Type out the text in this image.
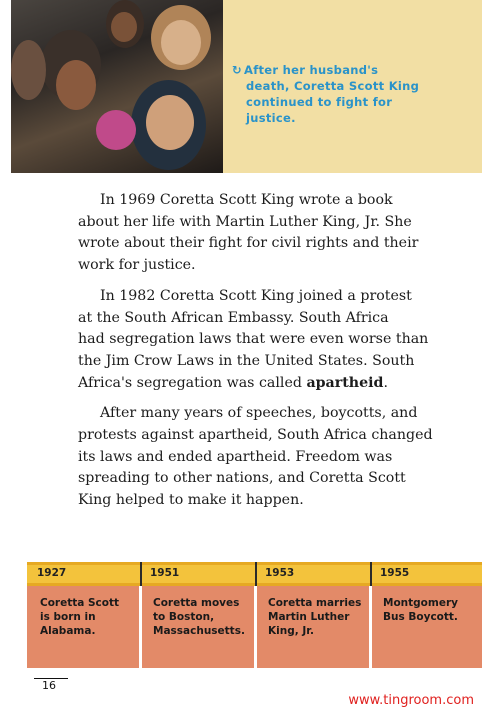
↻ After her husband's
death, Coretta Scott King
continued to fight for
justice.
In 1969 Coretta Scott King wrote a book
about her life with Martin Luther King, Jr. She
wrote about their fight for civil rights and their
work for justice.
In 1982 Coretta Scott King joined a protest
at the South African Embassy. South Africa
had segregation laws that were even worse than
the Jim Crow Laws in the United States. South
Africa's segregation was called apartheid.
After many years of speeches, boycotts, and
protests against apartheid, South Africa changed
its laws and ended apartheid. Freedom was
spreading to other nations, and Coretta Scott
King helped to make it happen.
1927
Coretta Scott
is born in
Alabama.
1951
Coretta moves
to Boston,
Massachusetts.
1953
Coretta marries
Martin Luther
King, Jr.
1955
Montgomery
Bus Boycott.
16
www.tingroom.com
